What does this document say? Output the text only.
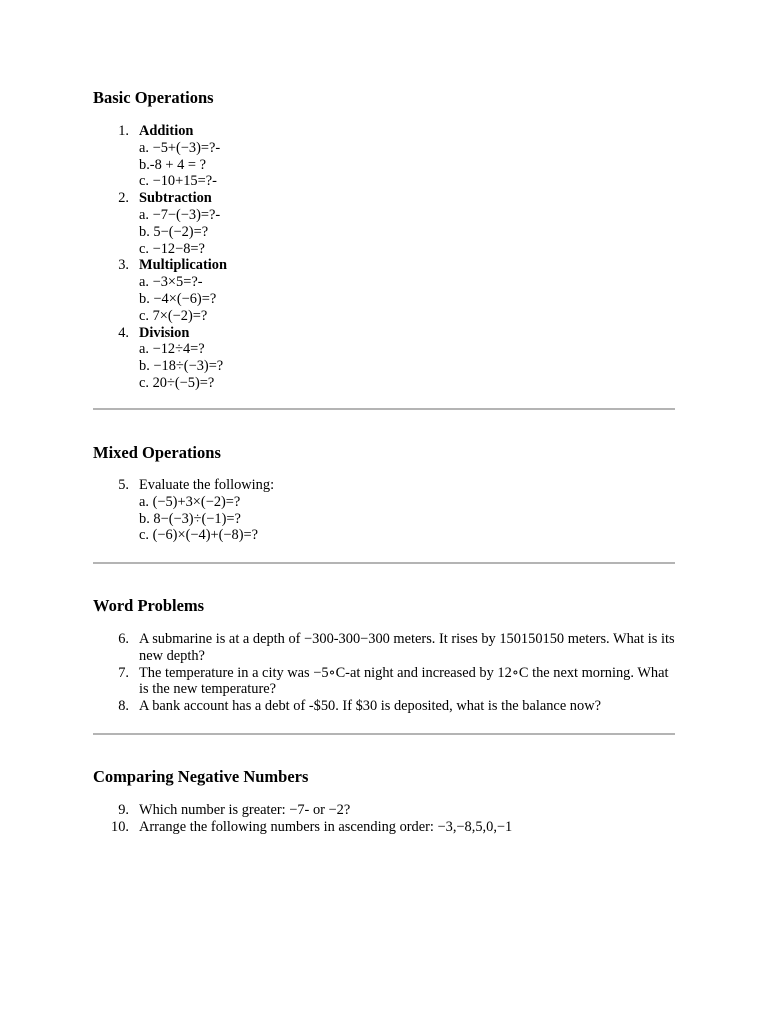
Basic Operations
1. Addition
a. −5+(−3)=?-
b.-8 + 4 = ?
c. −10+15=?-
2. Subtraction
a. −7−(−3)=?-
b. 5−(−2)=?
c. −12−8=?
3. Multiplication
a. −3×5=?-
b. −4×(−6)=?
c. 7×(−2)=?
4. Division
a. −12÷4=?
b. −18÷(−3)=?
c. 20÷(−5)=?
Mixed Operations
5. Evaluate the following:
a. (−5)+3×(−2)=?
b. 8−(−3)÷(−1)=?
c. (−6)×(−4)+(−8)=?
Word Problems
6. A submarine is at a depth of −300-300−300 meters. It rises by 150150150 meters. What is its new depth?
7. The temperature in a city was −5∘C-at night and increased by 12∘C the next morning. What is the new temperature?
8. A bank account has a debt of -$50. If $30 is deposited, what is the balance now?
Comparing Negative Numbers
9. Which number is greater: −7- or −2?
10. Arrange the following numbers in ascending order: −3,−8,5,0,−1
